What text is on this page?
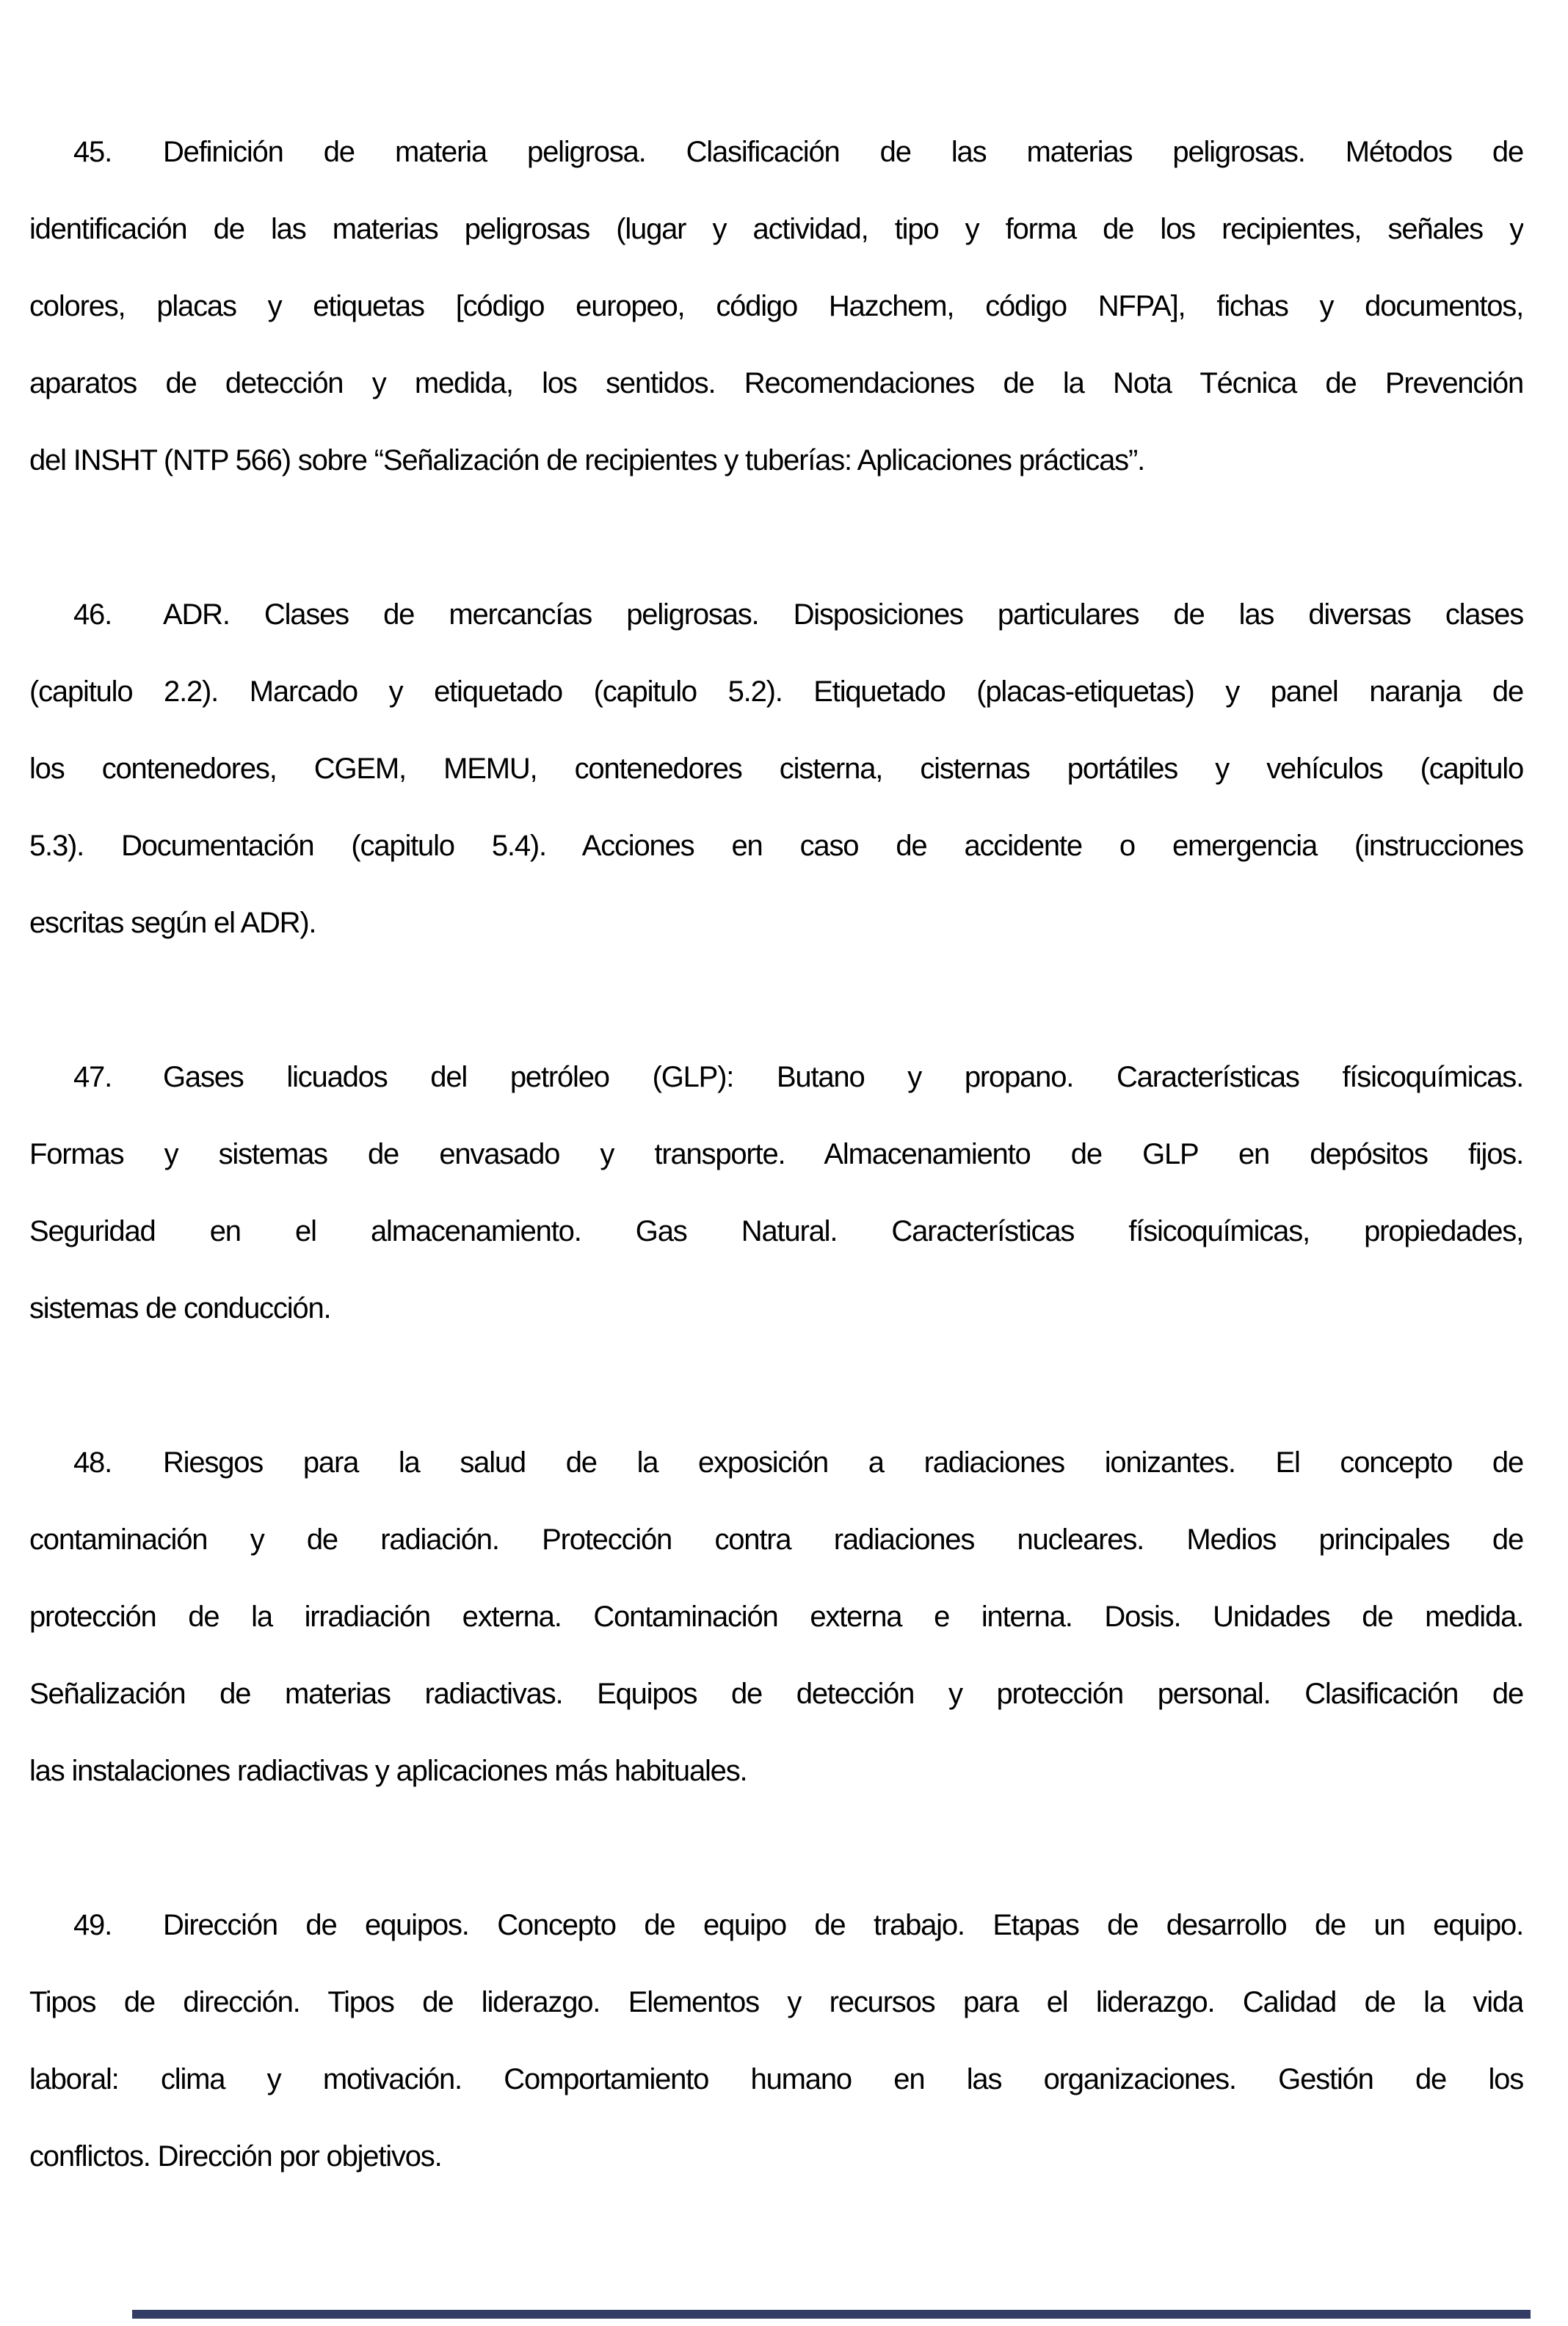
45. Definición de materia peligrosa. Clasificación de las materias peligrosas. Métodos de
identificación de las materias peligrosas (lugar y actividad, tipo y forma de los recipientes, señales y
colores, placas y etiquetas [código europeo, código Hazchem, código NFPA], fichas y documentos,
aparatos de detección y medida, los sentidos. Recomendaciones de la Nota Técnica de Prevención
del INSHT (NTP 566) sobre “Señalización de recipientes y tuberías: Aplicaciones prácticas”.
46. ADR. Clases de mercancías peligrosas. Disposiciones particulares de las diversas clases
(capitulo 2.2). Marcado y etiquetado (capitulo 5.2). Etiquetado (placas-etiquetas) y panel naranja de
los contenedores, CGEM, MEMU, contenedores cisterna, cisternas portátiles y vehículos (capitulo
5.3). Documentación (capitulo 5.4). Acciones en caso de accidente o emergencia (instrucciones
escritas según el ADR).
47. Gases licuados del petróleo (GLP): Butano y propano. Características físicoquímicas.
Formas y sistemas de envasado y transporte. Almacenamiento de GLP en depósitos fijos.
Seguridad en el almacenamiento. Gas Natural. Características físicoquímicas, propiedades,
sistemas de conducción.
48. Riesgos para la salud de la exposición a radiaciones ionizantes. El concepto de
contaminación y de radiación. Protección contra radiaciones nucleares. Medios principales de
protección de la irradiación externa. Contaminación externa e interna. Dosis. Unidades de medida.
Señalización de materias radiactivas. Equipos de detección y protección personal. Clasificación de
las instalaciones radiactivas y aplicaciones más habituales.
49. Dirección de equipos. Concepto de equipo de trabajo. Etapas de desarrollo de un equipo.
Tipos de dirección. Tipos de liderazgo. Elementos y recursos para el liderazgo. Calidad de la vida
laboral: clima y motivación. Comportamiento humano en las organizaciones. Gestión de los
conflictos. Dirección por objetivos.
